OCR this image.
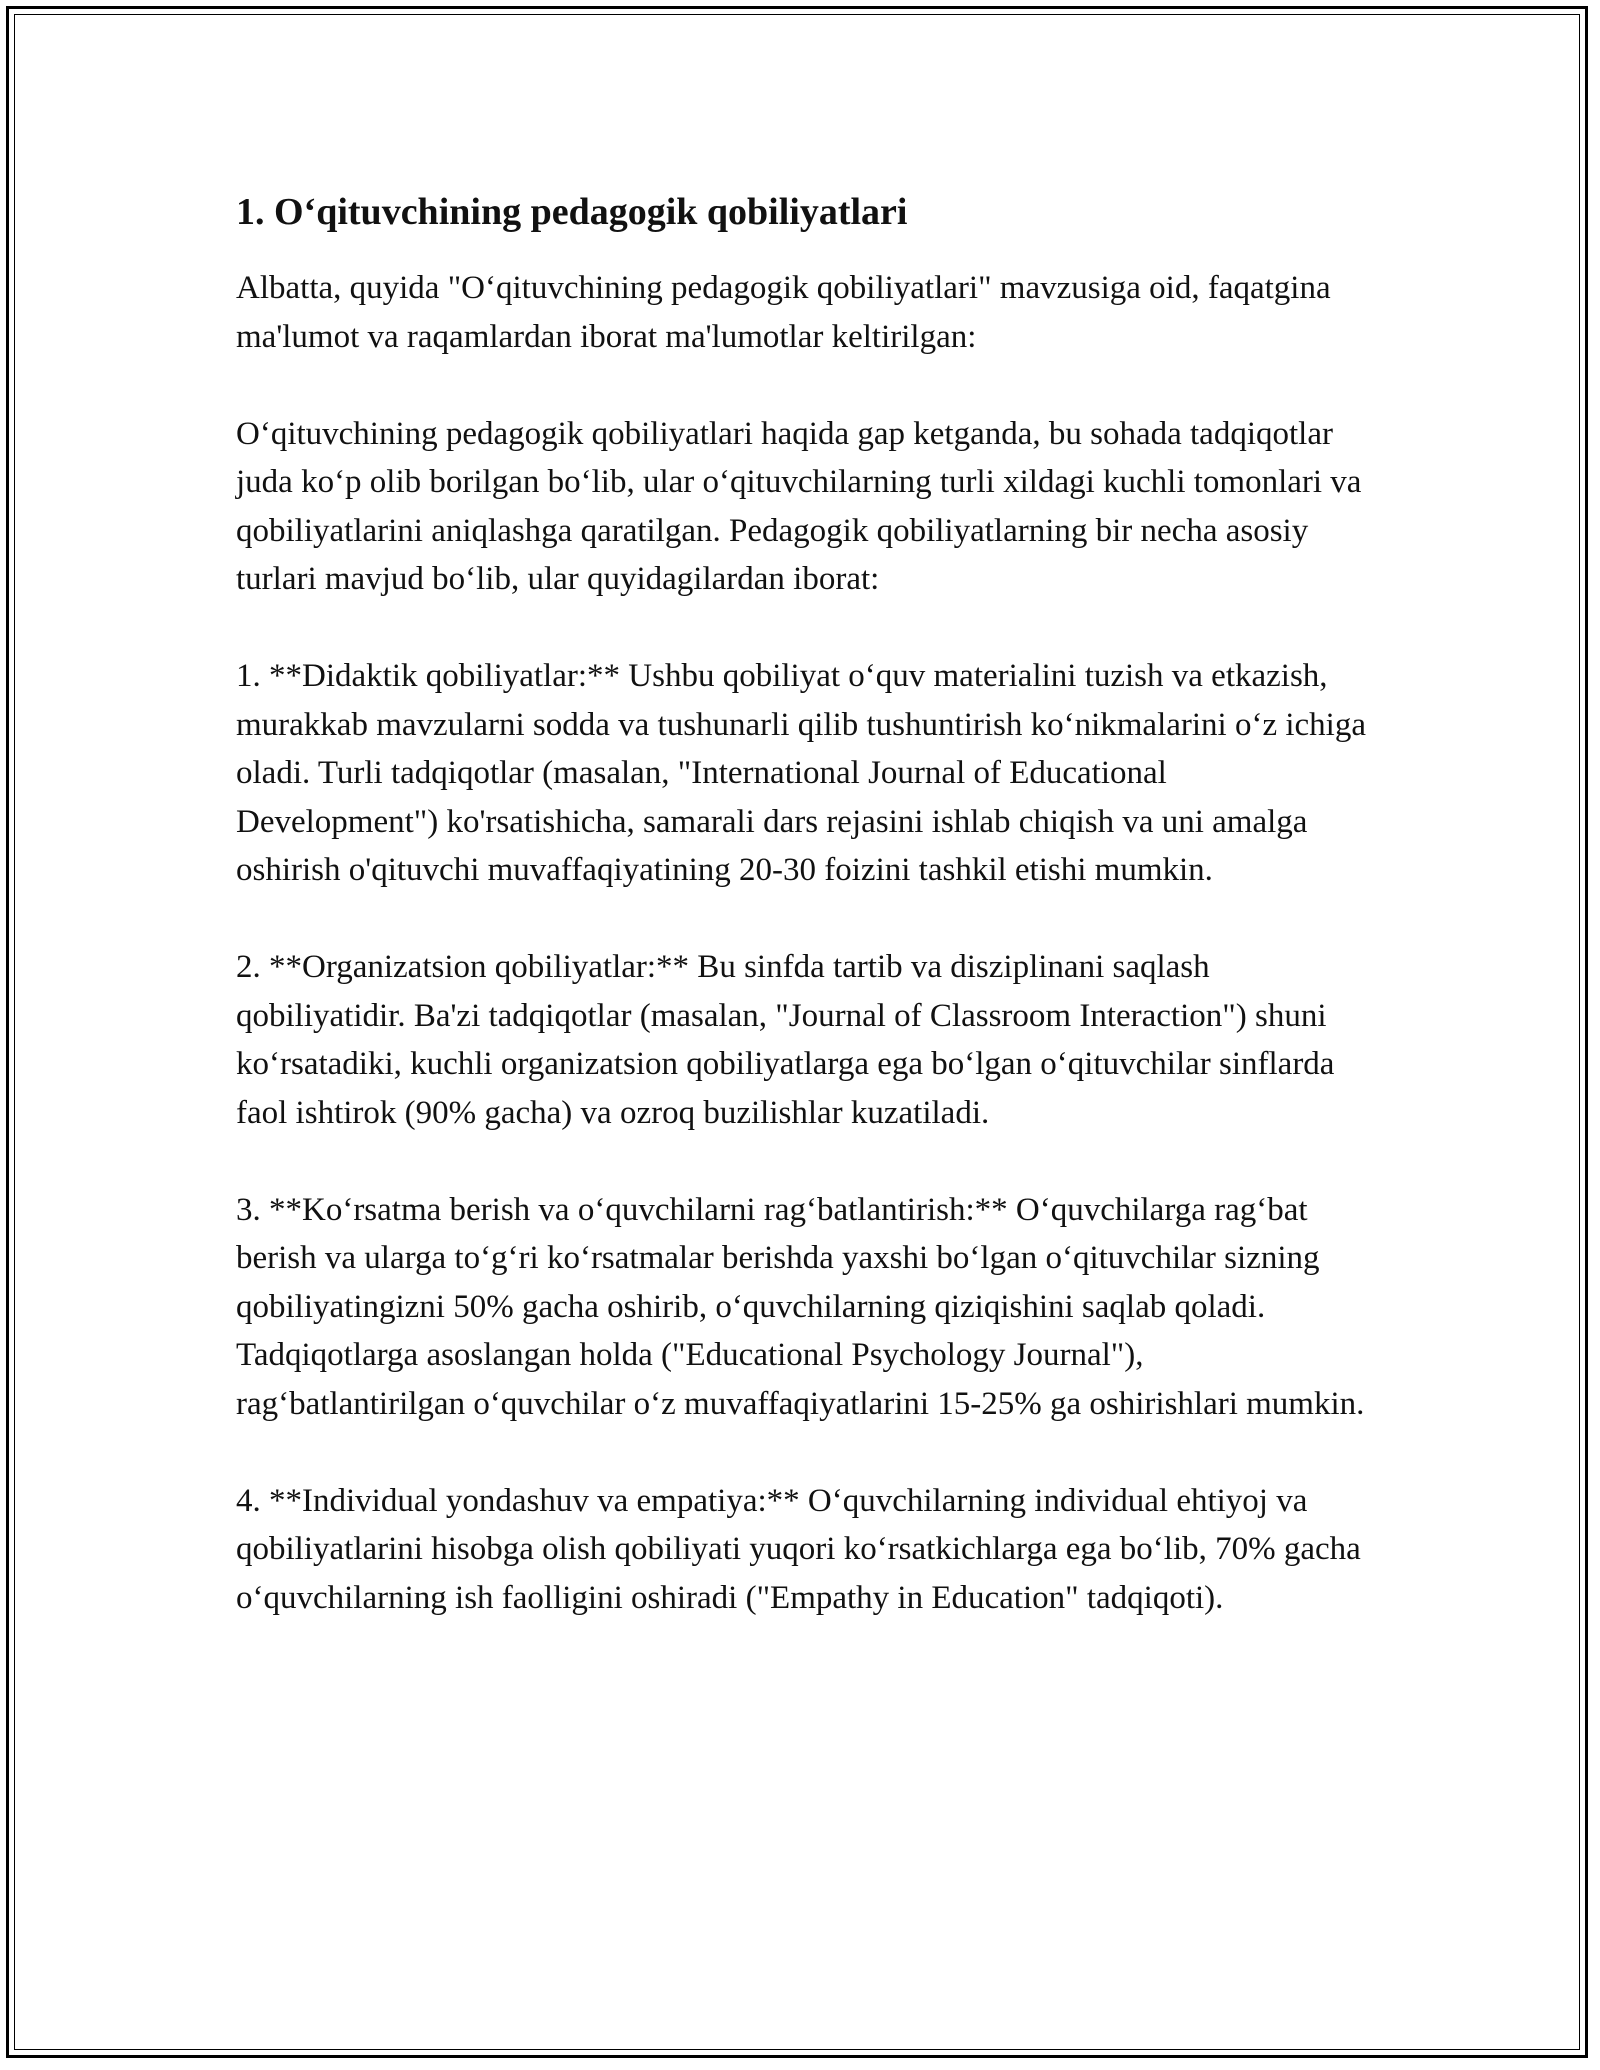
1. O‘qituvchining pedagogik qobiliyatlari

Albatta, quyida "O‘qituvchining pedagogik qobiliyatlari" mavzusiga oid, faqatgina ma'lumot va raqamlardan iborat ma'lumotlar keltirilgan:

O‘qituvchining pedagogik qobiliyatlari haqida gap ketganda, bu sohada tadqiqotlar juda ko‘p olib borilgan bo‘lib, ular o‘qituvchilarning turli xildagi kuchli tomonlari va qobiliyatlarini aniqlashga qaratilgan. Pedagogik qobiliyatlarning bir necha asosiy turlari mavjud bo‘lib, ular quyidagilardan iborat:

1. **Didaktik qobiliyatlar:** Ushbu qobiliyat o‘quv materialini tuzish va etkazish, murakkab mavzularni sodda va tushunarli qilib tushuntirish ko‘nikmalarini o‘z ichiga oladi. Turli tadqiqotlar (masalan, "International Journal of Educational Development") ko'rsatishicha, samarali dars rejasini ishlab chiqish va uni amalga oshirish o'qituvchi muvaffaqiyatining 20-30 foizini tashkil etishi mumkin.

2. **Organizatsion qobiliyatlar:** Bu sinfda tartib va disziplinani saqlash qobiliyatidir. Ba'zi tadqiqotlar (masalan, "Journal of Classroom Interaction") shuni ko‘rsatadiki, kuchli organizatsion qobiliyatlarga ega bo‘lgan o‘qituvchilar sinflarda faol ishtirok (90% gacha) va ozroq buzilishlar kuzatiladi.

3. **Ko‘rsatma berish va o‘quvchilarni rag‘batlantirish:** O‘quvchilarga rag‘bat berish va ularga to‘g‘ri ko‘rsatmalar berishda yaxshi bo‘lgan o‘qituvchilar sizning qobiliyatingizni 50% gacha oshirib, o‘quvchilarning qiziqishini saqlab qoladi. Tadqiqotlarga asoslangan holda ("Educational Psychology Journal"), rag‘batlantirilgan o‘quvchilar o‘z muvaffaqiyatlarini 15-25% ga oshirishlari mumkin.

4. **Individual yondashuv va empatiya:** O‘quvchilarning individual ehtiyoj va qobiliyatlarini hisobga olish qobiliyati yuqori ko‘rsatkichlarga ega bo‘lib, 70% gacha o‘quvchilarning ish faolligini oshiradi ("Empathy in Education" tadqiqoti).
